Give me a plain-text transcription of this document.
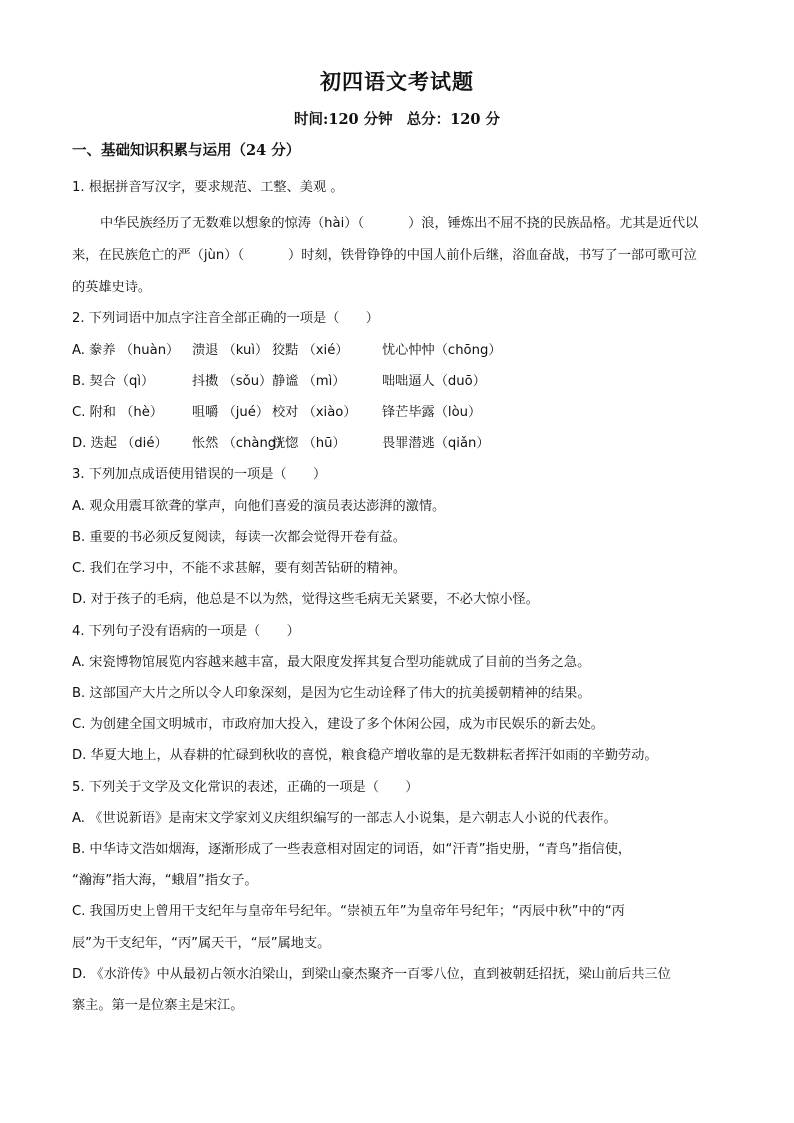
初四语文考试题
时间:120 分钟 总分：120 分
一、基础知识积累与运用（24 分）
1. 根据拼音写汉字，要求规范、工整、美观 。
中华民族经历了无数难以想象的惊涛（hài）（	）浪，锤炼出不屈不挠的民族品格。尤其是近代以
来，在民族危亡的严（jùn）（	）时刻，铁骨铮铮的中国人前仆后继，浴血奋战，书写了一部可歌可泣
的英雄史诗。
2. 下列词语中加点字注音全部正确的一项是（　　）
A. 豢养 （huàn） 溃退 （kuì） 狡黠 （xié）	忧心忡忡（chōng）
B. 契合（qì）	抖擞 （sǒu）静谧 （mì）	咄咄逼人（duō）
C. 附和 （hè） 咀嚼 （jué） 校对 （xiào） 锋芒毕露（lòu）
D. 迭起 （dié） 怅然 （chàng）恍惚 （hū）	畏罪潜逃（qiǎn）
3. 下列加点成语使用错误的一项是（　　）
A. 观众用震耳欲聋的掌声，向他们喜爱的演员表达澎湃的激情。
B. 重要的书必须反复阅读，每读一次都会觉得开卷有益。
C. 我们在学习中，不能不求甚解，要有刻苦钻研的精神。
D. 对于孩子的毛病，他总是不以为然，觉得这些毛病无关紧要，不必大惊小怪。
4. 下列句子没有语病的一项是（　　）
A. 宋瓷博物馆展览内容越来越丰富，最大限度发挥其复合型功能就成了目前的当务之急。
B. 这部国产大片之所以令人印象深刻，是因为它生动诠释了伟大的抗美援朝精神的结果。
C. 为创建全国文明城市，市政府加大投入，建设了多个休闲公园，成为市民娱乐的新去处。
D. 华夏大地上，从春耕的忙碌到秋收的喜悦，粮食稳产增收靠的是无数耕耘者挥汗如雨的辛勤劳动。
5. 下列关于文学及文化常识的表述，正确的一项是（　　）
A. 《世说新语》是南宋文学家刘义庆组织编写的一部志人小说集，是六朝志人小说的代表作。
B. 中华诗文浩如烟海，逐渐形成了一些表意相对固定的词语，如“汗青”指史册，“青鸟”指信使，
“瀚海”指大海，“蛾眉”指女子。
C. 我国历史上曾用干支纪年与皇帝年号纪年。“崇祯五年”为皇帝年号纪年；“丙辰中秋”中的“丙
辰”为干支纪年，“丙”属天干，“辰”属地支。
D. 《水浒传》中从最初占领水泊梁山，到梁山豪杰聚齐一百零八位，直到被朝廷招抚，梁山前后共三位
寨主。第一是位寨主是宋江。
